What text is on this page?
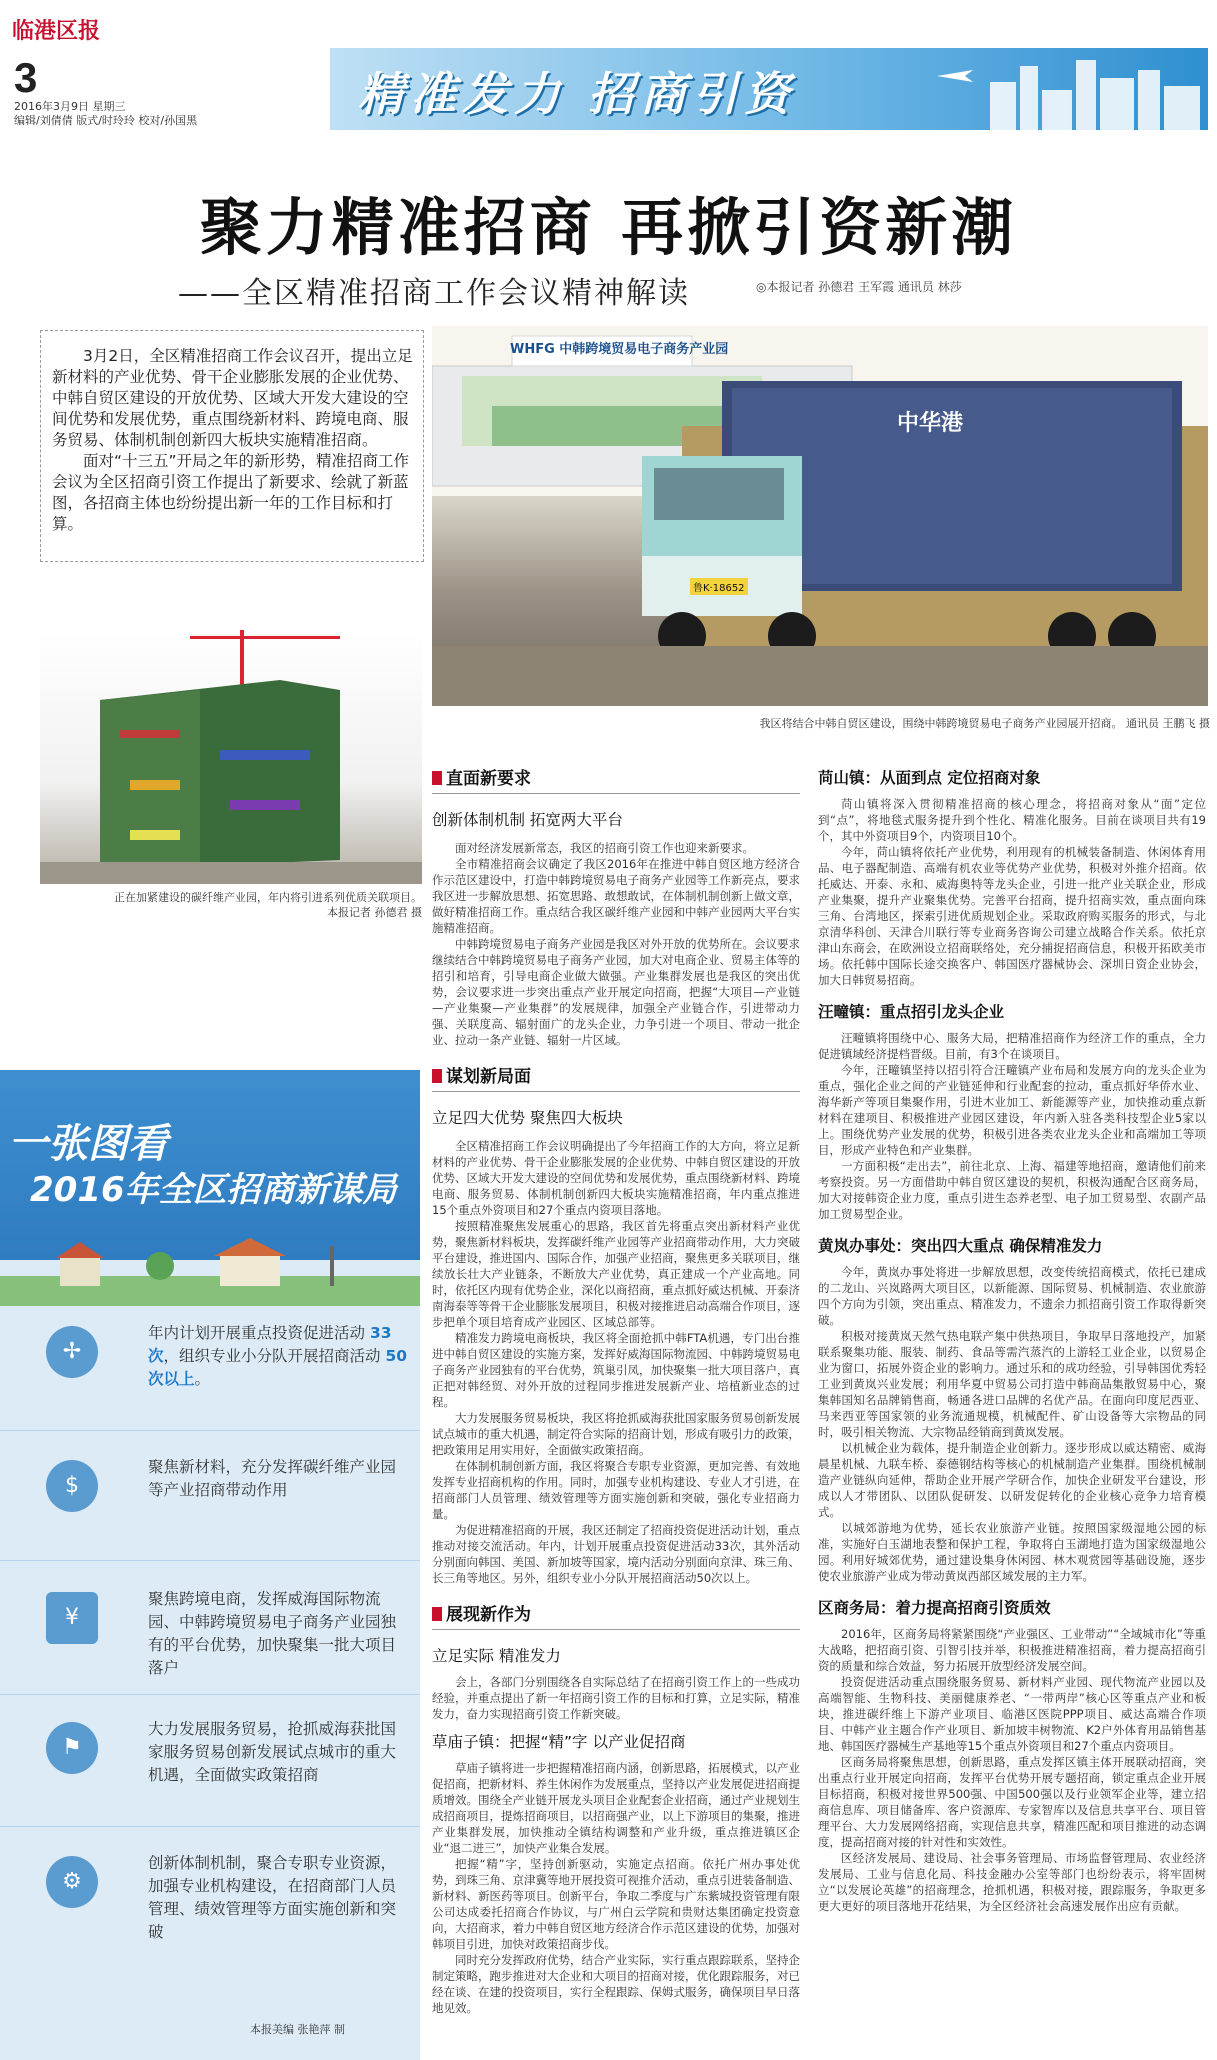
临港区报
3
2016年3月9日 星期三
编辑/刘倩倩 版式/时玲玲 校对/孙国黑	精准发力 招商引资
聚力精准招商 再掀引资新潮
——全区精准招商工作会议精神解读	◎本报记者 孙德君 王军霞 通讯员 林莎
3月2日，全区精准招商工作会议召开，提出立足新材料的产业优势、骨干企业膨胀发展的企业优势、中韩自贸区建设的开放优势、区域大开发大建设的空间优势和发展优势，重点围绕新材料、跨境电商、服务贸易、体制机制创新四大板块实施精准招商。
面对“十三五”开局之年的新形势，精准招商工作会议为全区招商引资工作提出了新要求、绘就了新蓝图，各招商主体也纷纷提出新一年的工作目标和打算。
WHFG 中韩跨境贸易电子商务产业园
中华港
鲁K·18652
我区将结合中韩自贸区建设，围绕中韩跨境贸易电子商务产业园展开招商。 通讯员 王鹏飞 摄
正在加紧建设的碳纤维产业园，年内将引进系列优质关联项目。
本报记者 孙德君 摄
一张图看
2016年全区招商新谋局
✢
年内计划开展重点投资促进活动 33 次，组织专业小分队开展招商活动 50 次以上。
$
聚焦新材料，充分发挥碳纤维产业园等产业招商带动作用
¥
聚焦跨境电商，发挥威海国际物流园、中韩跨境贸易电子商务产业园独有的平台优势，加快聚集一批大项目落户
⚑
大力发展服务贸易，抢抓威海获批国家服务贸易创新发展试点城市的重大机遇，全面做实政策招商
⚙
创新体制机制，聚合专职专业资源，加强专业机构建设，在招商部门人员管理、绩效管理等方面实施创新和突破
本报美编 张艳萍 制
直面新要求
创新体制机制 拓宽两大平台
面对经济发展新常态，我区的招商引资工作也迎来新要求。
全市精准招商会议确定了我区2016年在推进中韩自贸区地方经济合作示范区建设中，打造中韩跨境贸易电子商务产业园等工作新亮点，要求我区进一步解放思想、拓宽思路、敢想敢试，在体制机制创新上做文章，做好精准招商工作。重点结合我区碳纤维产业园和中韩产业园两大平台实施精准招商。
中韩跨境贸易电子商务产业园是我区对外开放的优势所在。会议要求继续结合中韩跨境贸易电子商务产业园，加大对电商企业、贸易主体等的招引和培育，引导电商企业做大做强。产业集群发展也是我区的突出优势，会议要求进一步突出重点产业开展定向招商，把握“大项目—产业链—产业集聚—产业集群”的发展规律，加强全产业链合作，引进带动力强、关联度高、辐射面广的龙头企业，力争引进一个项目、带动一批企业、拉动一条产业链、辐射一片区域。
谋划新局面
立足四大优势 聚焦四大板块
全区精准招商工作会议明确提出了今年招商工作的大方向，将立足新材料的产业优势、骨干企业膨胀发展的企业优势、中韩自贸区建设的开放优势、区域大开发大建设的空间优势和发展优势，重点围绕新材料、跨境电商、服务贸易、体制机制创新四大板块实施精准招商，年内重点推进15个重点外资项目和27个重点内资项目落地。
按照精准聚焦发展重心的思路，我区首先将重点突出新材料产业优势，聚焦新材料板块，发挥碳纤维产业园等产业招商带动作用，大力突破平台建设，推进国内、国际合作，加强产业招商，聚焦更多关联项目，继续放长壮大产业链条，不断放大产业优势，真正建成一个产业高地。同时，依托区内现有优势企业，深化以商招商，重点抓好威达机械、开泰济南海泰等等骨干企业膨胀发展项目，积极对接推进启动高端合作项目，逐步把单个项目培育成产业园区、区域总部等。
精准发力跨境电商板块，我区将全面抢抓中韩FTA机遇，专门出台推进中韩自贸区建设的实施方案，发挥好威海国际物流园、中韩跨境贸易电子商务产业园独有的平台优势，筑巢引凤，加快聚集一批大项目落户，真正把对韩经贸、对外开放的过程同步推进发展新产业、培植新业态的过程。
大力发展服务贸易板块，我区将抢抓威海获批国家服务贸易创新发展试点城市的重大机遇，制定符合实际的招商计划，形成有吸引力的政策，把政策用足用实用好，全面做实政策招商。
在体制机制创新方面，我区将聚合专职专业资源，更加完善、有效地发挥专业招商机构的作用。同时，加强专业机构建设、专业人才引进，在招商部门人员管理、绩效管理等方面实施创新和突破，强化专业招商力量。
为促进精准招商的开展，我区还制定了招商投资促进活动计划，重点推动对接交流活动。年内，计划开展重点投资促进活动33次，其外活动分别面向韩国、美国、新加坡等国家，境内活动分别面向京津、珠三角、长三角等地区。另外，组织专业小分队开展招商活动50次以上。
展现新作为
立足实际 精准发力
会上，各部门分别围绕各自实际总结了在招商引资工作上的一些成功经验，并重点提出了新一年招商引资工作的目标和打算，立足实际，精准发力，奋力实现招商引资工作新突破。
草庙子镇：把握“精”字 以产业促招商
草庙子镇将进一步把握精准招商内涵，创新思路，拓展模式，以产业促招商，把新材料、养生休闲作为发展重点，坚持以产业发展促进招商提质增效。围绕全产业链开展龙头项目企业配套企业招商，通过产业规划生成招商项目，提炼招商项目，以招商强产业，以上下游项目的集聚，推进产业集群发展，加快推动全镇结构调整和产业升级，重点推进镇区企业“退二进三”，加快产业集合发展。
把握“精”字，坚持创新驱动，实施定点招商。依托广州办事处优势，到珠三角、京津冀等地开展投资可视推介活动，重点引进装备制造、新材料、新医药等项目。创新平台，争取二季度与广东紫城投资管理有限公司达成委托招商合作协议，与广州白云学院和贵财达集团确定投资意向，大招商求，着力中韩自贸区地方经济合作示范区建设的优势，加强对韩项目引进，加快对政策招商步伐。
同时充分发挥政府优势，结合产业实际，实行重点跟踪联系，坚持企制定策略，跑步推进对大企业和大项目的招商对接，优化跟踪服务，对已经在谈、在建的投资项目，实行全程跟踪、保姆式服务，确保项目早日落地见效。
苘山镇：从面到点 定位招商对象
苘山镇将深入贯彻精准招商的核心理念，将招商对象从“面”定位到“点”，将地毯式服务提升到个性化、精准化服务。目前在谈项目共有19个，其中外资项目9个，内资项目10个。
今年，苘山镇将依托产业优势，利用现有的机械装备制造、休闲体育用品、电子器配制造、高端有机农业等优势产业优势，积极对外推介招商。依托威达、开泰、永和、威海奥特等龙头企业，引进一批产业关联企业，形成产业集聚，提升产业聚集优势。完善平台招商，提升招商实效，重点面向珠三角、台湾地区，探索引进优质规划企业。采取政府购买服务的形式，与北京清华科创、天津合川联行等专业商务咨询公司建立战略合作关系。依托京津山东商会，在欧洲设立招商联络处，充分捕捉招商信息，积极开拓欧美市场。依托韩中国际长途交换客户、韩国医疗器械协会、深圳日资企业协会，加大日韩贸易招商。
汪疃镇：重点招引龙头企业
汪疃镇将围绕中心、服务大局，把精准招商作为经济工作的重点，全力促进镇域经济提档晋级。目前，有3个在谈项目。
今年，汪疃镇坚持以招引符合汪疃镇产业布局和发展方向的龙头企业为重点，强化企业之间的产业链延伸和行业配套的拉动，重点抓好华侨水业、海华新产等项目集聚作用，引进木业加工、新能源等产业，加快推动重点新材料在建项目、积极推进产业园区建设，年内新入驻各类科技型企业5家以上。围绕优势产业发展的优势，积极引进各类农业龙头企业和高端加工等项目，形成产业特色和产业集群。
一方面积极“走出去”，前往北京、上海、福建等地招商，邀请他们前来考察投资。另一方面借助中韩自贸区建设的契机，积极沟通配合区商务局，加大对接韩资企业力度，重点引进生态养老型、电子加工贸易型、农副产品加工贸易型企业。
黄岚办事处：突出四大重点 确保精准发力
今年，黄岚办事处将进一步解放思想，改变传统招商模式，依托已建成的二龙山、兴岚路两大项目区，以新能源、国际贸易、机械制造、农业旅游四个方向为引领，突出重点、精准发力，不遗余力抓招商引资工作取得新突破。
积极对接黄岚天然气热电联产集中供热项目，争取早日落地投产，加紧联系聚集功能、服装、制药、食品等需汽蒸汽的上游轻工业企业，以贸易企业为窗口，拓展外资企业的影响力。通过乐和的成功经验，引导韩国优秀轻工业到黄岚兴业发展；利用华夏中贸易公司打造中韩商品集散贸易中心，聚集韩国知名品牌销售商，畅通各进口品牌的名优产品。在面向印度尼西亚、马来西亚等国家领的业务流通规模，机械配件、矿山设备等大宗物品的同时，吸引相关物流、大宗物品经销商到黄岚发展。
以机械企业为载体，提升制造企业创新力。逐步形成以威达精密、威海晨星机械、九联车桥、泰德钢结构等核心的机械制造产业集群。围绕机械制造产业链纵向延伸，帮助企业开展产学研合作，加快企业研发平台建设，形成以人才带团队、以团队促研发、以研发促转化的企业核心竞争力培育模式。
以城郊游地为优势，延长农业旅游产业链。按照国家级湿地公园的标准，实施好白玉湖地表整和保护工程，争取将白玉湖地打造为国家级湿地公园。利用好城郊优势，通过建设集身休闲园、林木观赏园等基础设施，逐步使农业旅游产业成为带动黄岚西部区域发展的主力军。
区商务局：着力提高招商引资质效
2016年，区商务局将紧紧围绕“产业强区、工业带动”“全域城市化”等重大战略，把招商引资、引智引技并举，积极推进精准招商，着力提高招商引资的质量和综合效益，努力拓展开放型经济发展空间。
投资促进活动重点围绕服务贸易、新材料产业园、现代物流产业园以及高端智能、生物科技、美丽健康养老、“一带两岸”核心区等重点产业和板块，推进碳纤维上下游产业项目、临港区医院PPP项目、威达高端合作项目、中韩产业主题合作产业项目、新加坡丰树物流、K2户外体育用品销售基地、韩国医疗器械生产基地等15个重点外资项目和27个重点内资项目。
区商务局将聚焦思想，创新思路，重点发挥区镇主体开展联动招商，突出重点行业开展定向招商，发挥平台优势开展专题招商，锁定重点企业开展目标招商，积极对接世界500强、中国500强以及行业领军企业等，建立招商信息库、项目储备库、客户资源库、专家智库以及信息共享平台、项目管理平台、大力发展网络招商，实现信息共享，精准匹配和项目推进的动态调度，提高招商对接的针对性和实效性。
区经济发展局、建设局、社会事务管理局、市场监督管理局、农业经济发展局、工业与信息化局、科技金融办公室等部门也纷纷表示，将牢固树立“以发展论英雄”的招商理念，抢抓机遇，积极对接，跟踪服务，争取更多更大更好的项目落地开花结果，为全区经济社会高速发展作出应有贡献。
